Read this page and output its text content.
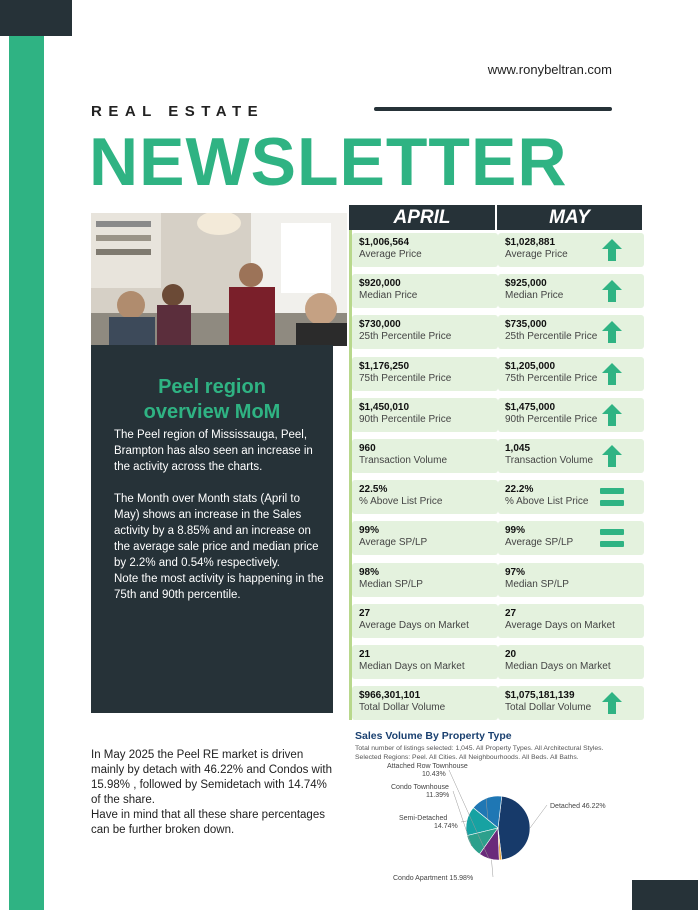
www.ronybeltran.com
REAL ESTATE
NEWSLETTER
Peel region
overview MoM

The Peel region of Mississauga, Peel, Brampton has also seen an increase in the activity across the charts.

The Month over Month stats (April to May) shows an increase in the Sales activity by a 8.85% and an increase on the average sale price and median price by 2.2% and 0.54% respectively.

Note the most activity is happening in the 75th and 90th percentile.

APRIL	MAY
$1,006,564
Average Price
$1,028,881
Average Price
$920,000
Median Price
$925,000
Median Price
$730,000
25th Percentile Price
$735,000
25th Percentile Price
$1,176,250
75th Percentile Price
$1,205,000
75th Percentile Price
$1,450,010
90th Percentile Price
$1,475,000
90th Percentile Price
960
Transaction Volume
1,045
Transaction Volume
22.5%
% Above List Price
22.2%
% Above List Price
99%
Average SP/LP
99%
Average SP/LP
98%
Median SP/LP
97%
Median SP/LP
27
Average Days on Market
27
Average Days on Market
21
Median Days on Market
20
Median Days on Market
$966,301,101
Total Dollar Volume
$1,075,181,139
Total Dollar Volume

In May 2025 the Peel RE market is driven mainly by detach with 46.22% and Condos with 15.98% , followed by Semidetach with 14.74% of the share.

Have in mind that all these share percentages can be further broken down.

Sales Volume By Property Type
Total number of listings selected: 1,045. All Property Types. All Architectural Styles.
Selected Regions: Peel. All Cities. All Neighbourhoods. All Beds. All Baths.
Detached 46.22%
Condo Apartment 15.98%
Semi-Detached 14.74%
Condo Townhouse 11.39%
Attached Row Townhouse 10.43%
